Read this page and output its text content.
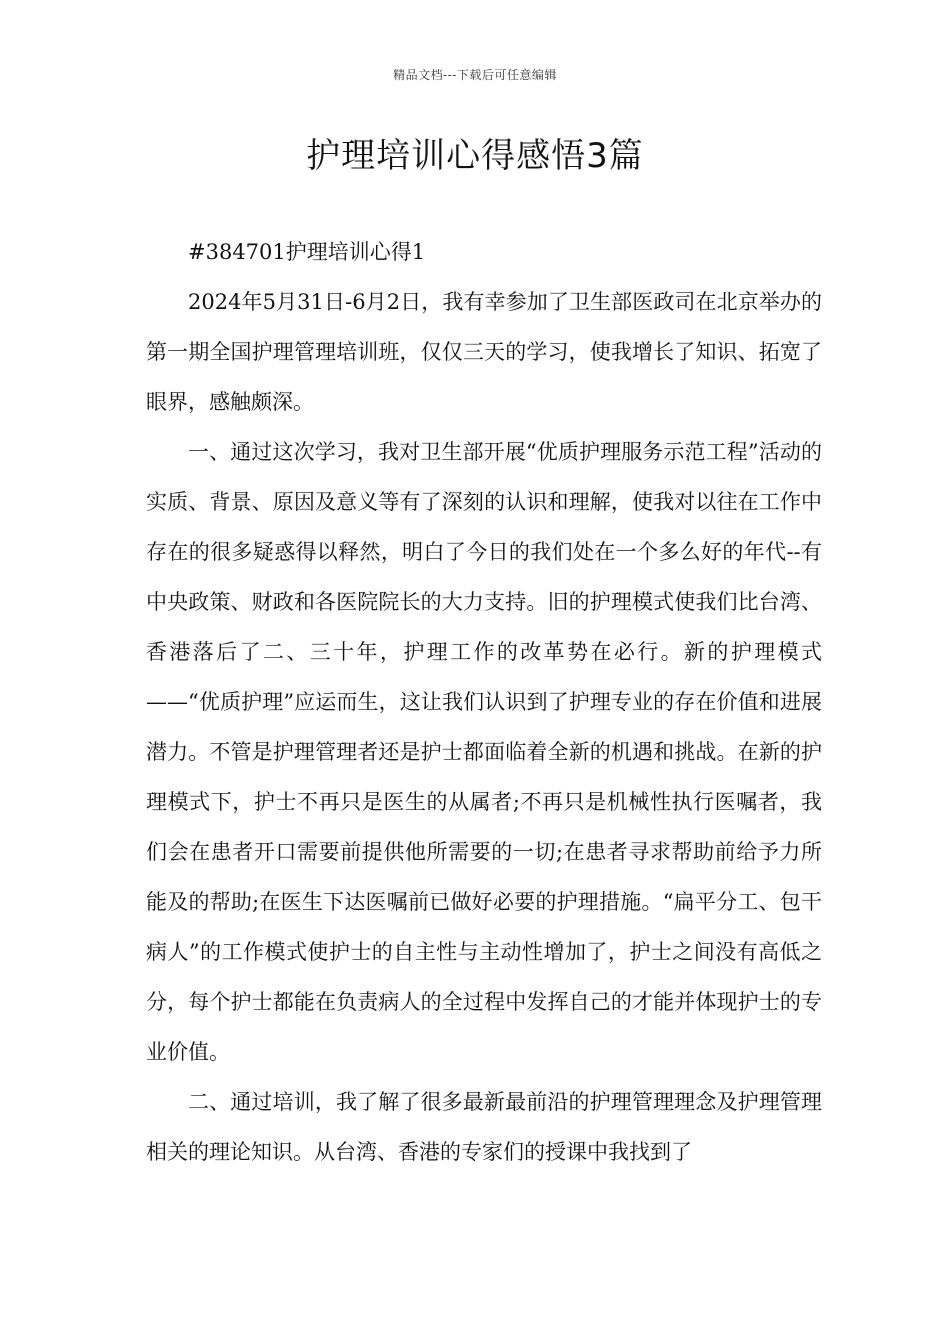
精品文档---下载后可任意编辑
护理培训心得感悟3篇

#384701护理培训心得1

2024年5月31日-6月2日，我有幸参加了卫生部医政司在北京举办的第一期全国护理管理培训班，仅仅三天的学习，使我增长了知识、拓宽了眼界，感触颇深。

一、通过这次学习，我对卫生部开展“优质护理服务示范工程”活动的实质、背景、原因及意义等有了深刻的认识和理解，使我对以往在工作中存在的很多疑惑得以释然，明白了今日的我们处在一个多么好的年代--有中央政策、财政和各医院院长的大力支持。旧的护理模式使我们比台湾、香港落后了二、三十年，护理工作的改革势在必行。新的护理模式——“优质护理”应运而生，这让我们认识到了护理专业的存在价值和进展潜力。不管是护理管理者还是护士都面临着全新的机遇和挑战。在新的护理模式下，护士不再只是医生的从属者;不再只是机械性执行医嘱者，我们会在患者开口需要前提供他所需要的一切;在患者寻求帮助前给予力所能及的帮助;在医生下达医嘱前已做好必要的护理措施。“扁平分工、包干病人”的工作模式使护士的自主性与主动性增加了，护士之间没有高低之分，每个护士都能在负责病人的全过程中发挥自己的才能并体现护士的专业价值。

二、通过培训，我了解了很多最新最前沿的护理管理理念及护理管理相关的理论知识。从台湾、香港的专家们的授课中我找到了
